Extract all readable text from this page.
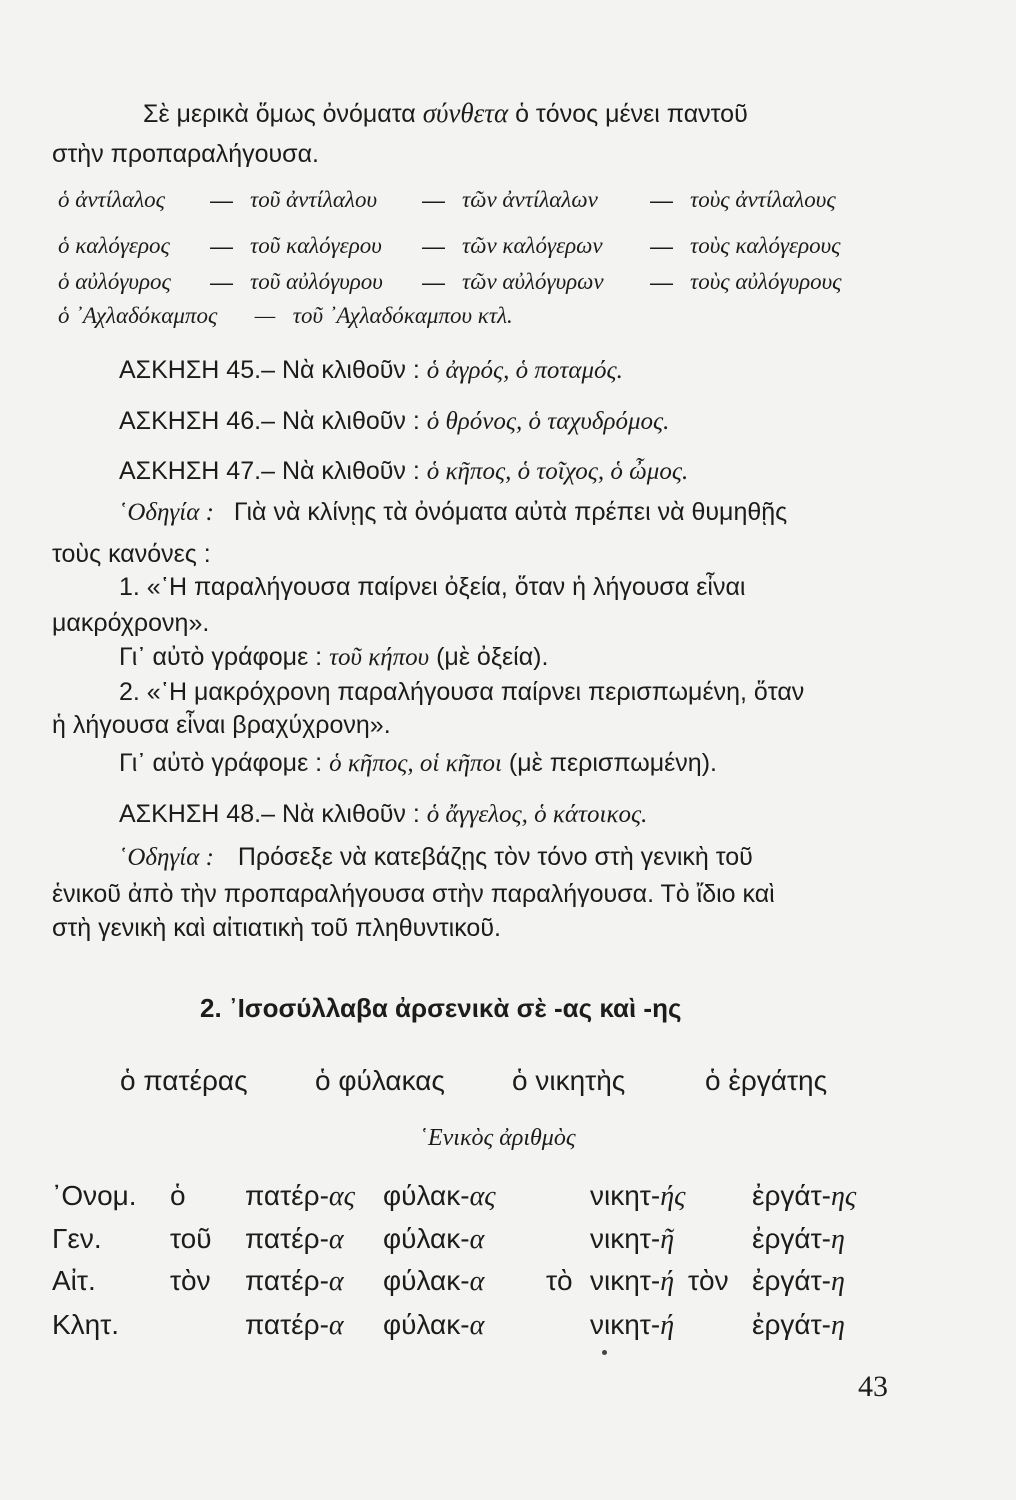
Σὲ μερικὰ ὅμως ὀνόματα σύνθετα ὁ τόνος μένει παντοῦ
στὴν προπαραλήγουσα.
ὁ ἀντίλαλος — τοῦ ἀντίλαλου — τῶν ἀντίλαλων — τοὺς ἀντίλαλους
ὁ καλόγερος — τοῦ καλόγερου — τῶν καλόγερων — τοὺς καλόγερους
ὁ αὐλόγυρος — τοῦ αὐλόγυρου — τῶν αὐλόγυρων — τοὺς αὐλόγυρους
ὁ ᾿Αχλαδόκαμπος — τοῦ ᾿Αχλαδόκαμπου κτλ.
ΑΣΚΗΣΗ 45.– Νὰ κλιθοῦν : ὁ ἀγρός, ὁ ποταμός.
ΑΣΚΗΣΗ 46.– Νὰ κλιθοῦν : ὁ θρόνος, ὁ ταχυδρόμος.
ΑΣΚΗΣΗ 47.– Νὰ κλιθοῦν : ὁ κῆπος, ὁ τοῖχος, ὁ ὦμος.
῾Οδηγία : Γιὰ νὰ κλίνῃς τὰ ὀνόματα αὐτὰ πρέπει νὰ θυμηθῇς
τοὺς κανόνες :
1. «῾Η παραλήγουσα παίρνει ὀξεία, ὅταν ἡ λήγουσα εἶναι
μακρόχρονη».
Γι᾿ αὐτὸ γράφομε : τοῦ κήπου (μὲ ὀξεία).
2. «῾Η μακρόχρονη παραλήγουσα παίρνει περισπωμένη, ὅταν
ἡ λήγουσα εἶναι βραχύχρονη».
Γι᾿ αὐτὸ γράφομε : ὁ κῆπος, οἱ κῆποι (μὲ περισπωμένη).
ΑΣΚΗΣΗ 48.– Νὰ κλιθοῦν : ὁ ἄγγελος, ὁ κάτοικος.
῾Οδηγία : Πρόσεξε νὰ κατεβάζῃς τὸν τόνο στὴ γενικὴ τοῦ
ἑνικοῦ ἀπὸ τὴν προπαραλήγουσα στὴν παραλήγουσα. Τὸ ἴδιο καὶ
στὴ γενικὴ καὶ αἰτιατικὴ τοῦ πληθυντικοῦ.
2. ᾿Ισοσύλλαβα ἀρσενικὰ σὲ -ας καὶ -ης
ὁ πατέρας ὁ φύλακας ὁ νικητὴς	ὁ ἐργάτης
῾Ενικὸς ἀριθμὸς
᾿Ονομ. ὁ πατέρ-ας φύλακ-ας	νικητ-ής ἐργάτ-ης
Γεν. τοῦ πατέρ-α φύλακ-α	νικητ-ῆ	ἐργάτ-η
Αἰτ.	τὸν πατέρ-α φύλακ-α τὸ νικητ-ή τὸν ἐργάτ-η
Κλητ.	πατέρ-α φύλακ-α	νικητ-ή	ἐργάτ-η
43
